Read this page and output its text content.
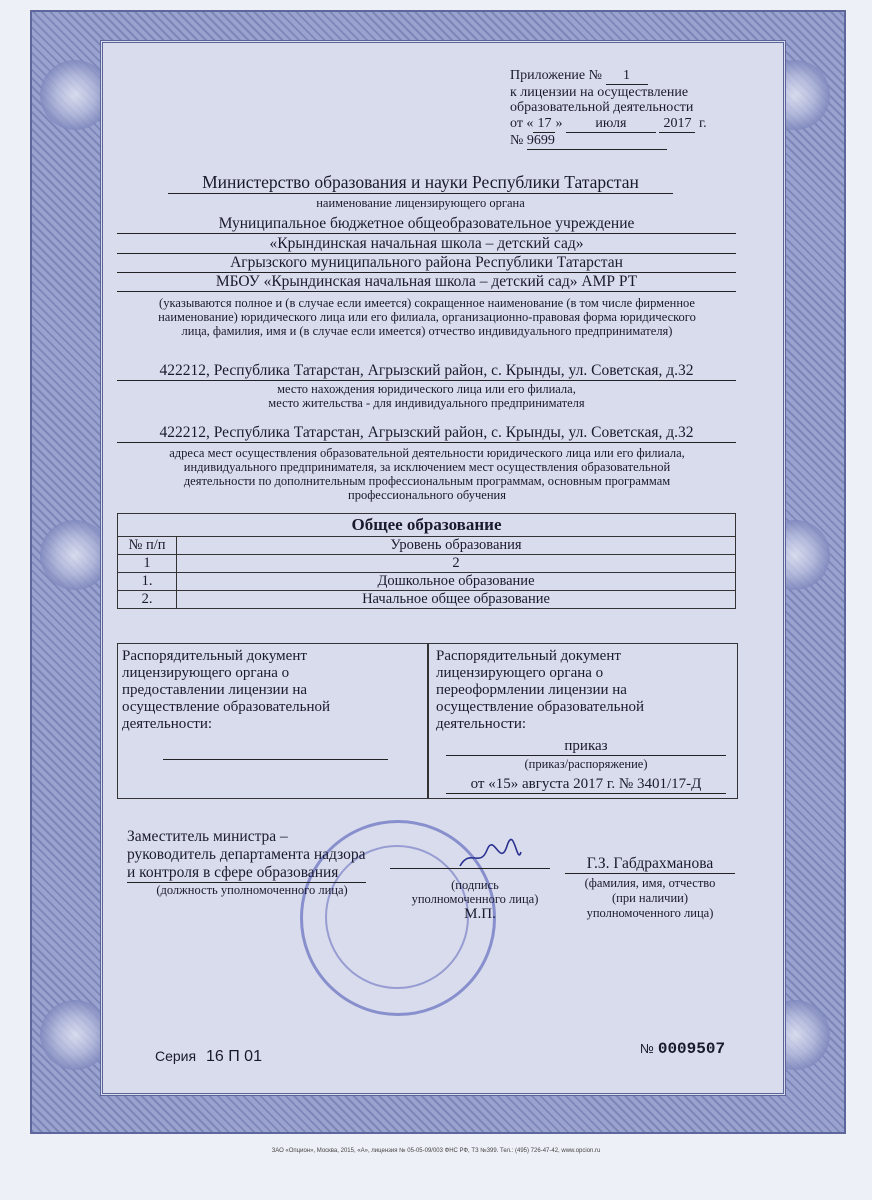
Приложение № 1
к лицензии на осуществление
образовательной деятельности
от « 17 » июля	2017 г.
№ 9699
Министерство образования и науки Республики Татарстан
наименование лицензирующего органа
Муниципальное бюджетное общеобразовательное учреждение
«Крындинская начальная школа – детский сад»
Агрызского муниципального района Республики Татарстан
МБОУ «Крындинская начальная школа – детский сад» АМР РТ
(указываются полное и (в случае если имеется) сокращенное наименование (в том числе фирменное
наименование) юридического лица или его филиала, организационно-правовая форма юридического
лица, фамилия, имя и (в случае если имеется) отчество индивидуального предпринимателя)
422212, Республика Татарстан, Агрызский район, с. Крынды, ул. Советская, д.32
место нахождения юридического лица или его филиала,
место жительства - для индивидуального предпринимателя
422212, Республика Татарстан, Агрызский район, с. Крынды, ул. Советская, д.32
адреса мест осуществления образовательной деятельности юридического лица или его филиала,
индивидуального предпринимателя, за исключением мест осуществления образовательной
деятельности по дополнительным профессиональным программам, основным программам
профессионального обучения
Общее образование	
№ п/п	Уровень образования
1	2
1.	Дошкольное образование
2.	Начальное общее образование
Распорядительный документ
лицензирующего органа о
предоставлении лицензии на
осуществление образовательной
деятельности:
Распорядительный документ
лицензирующего органа о
переоформлении лицензии на
осуществление образовательной
деятельности:
приказ
(приказ/распоряжение)
от «15» августа 2017 г. № 3401/17-Д
Заместитель министра –
руководитель департамента надзора
и контроля в сфере образования
(должность уполномоченного лица)	(подпись
уполномоченного лица)
М.П.
Г.З. Габдрахманова
(фамилия, имя, отчество
(при наличии)
уполномоченного лица)
Серия 16 П 01	№ 0009507
ЗАО «Опцион», Москва, 2015, «А», лицензия № 05-05-09/003 ФНС РФ, ТЗ №399. Тел.: (495) 726-47-42, www.opcion.ru
